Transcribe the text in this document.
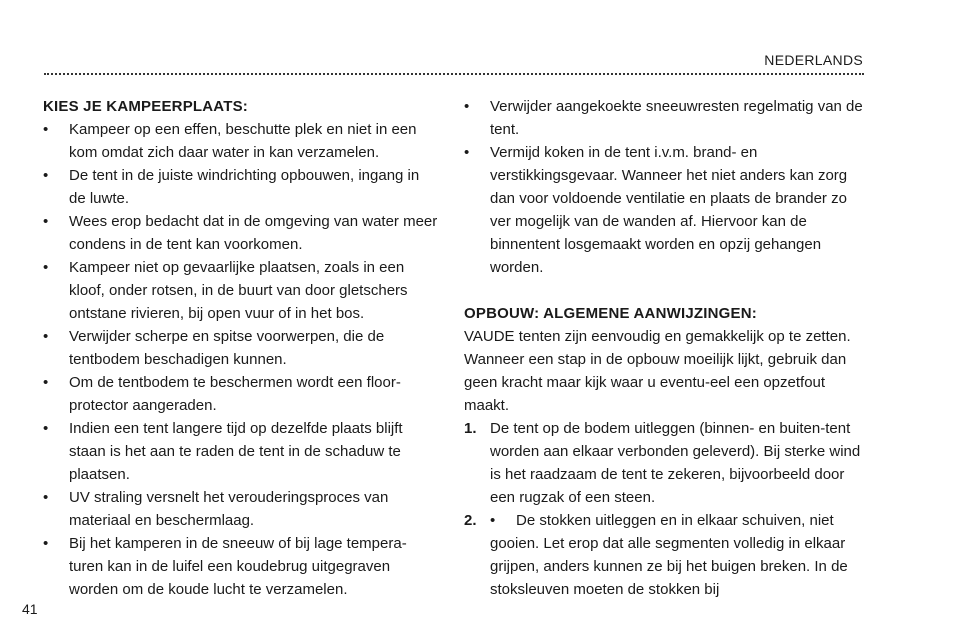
NEDERLANDS

KIES JE KAMPEERPLAATS:

• Kampeer op een effen, beschutte plek en niet in een kom omdat zich daar water in kan verzamelen.
• De tent in de juiste windrichting opbouwen, ingang in de luwte.
• Wees erop bedacht dat in de omgeving van water meer condens in de tent kan voorkomen.
• Kampeer niet op gevaarlijke plaatsen, zoals in een kloof, onder rotsen, in de buurt van door gletschers ontstane rivieren, bij open vuur of in het bos.
• Verwijder scherpe en spitse voorwerpen, die de tentbodem beschadigen kunnen.
• Om de tentbodem te beschermen wordt een floor-protector aangeraden.
• Indien een tent langere tijd op dezelfde plaats blijft staan is het aan te raden de tent in de schaduw te plaatsen.
• UV straling versnelt het verouderingsproces van materiaal en beschermlaag.
• Bij het kamperen in de sneeuw of bij lage tempera-turen kan in de luifel een koudebrug uitgegraven worden om de koude lucht te verzamelen.
• Verwijder aangekoekte sneeuwresten regelmatig van de tent.
• Vermijd koken in de tent i.v.m. brand- en verstikkingsgevaar. Wanneer het niet anders kan zorg dan voor voldoende ventilatie en plaats de brander zo ver mogelijk van de wanden af. Hiervoor kan de binnentent losgemaakt worden en opzij gehangen worden.

OPBOUW: ALGEMENE AANWIJZINGEN:

VAUDE tenten zijn eenvoudig en gemakkelijk op te zetten. Wanneer een stap in de opbouw moeilijk lijkt, gebruik dan geen kracht maar kijk waar u eventu-eel een opzetfout maakt.

1. De tent op de bodem uitleggen (binnen- en buiten-tent worden aan elkaar verbonden geleverd). Bij sterke wind is het raadzaam de tent te zekeren, bijvoorbeeld door een rugzak of een steen.
2. • De stokken uitleggen en in elkaar schuiven, niet gooien. Let erop dat alle segmenten volledig in elkaar grijpen, anders kunnen ze bij het buigen breken. In de stoksleuven moeten de stokken bij
41
